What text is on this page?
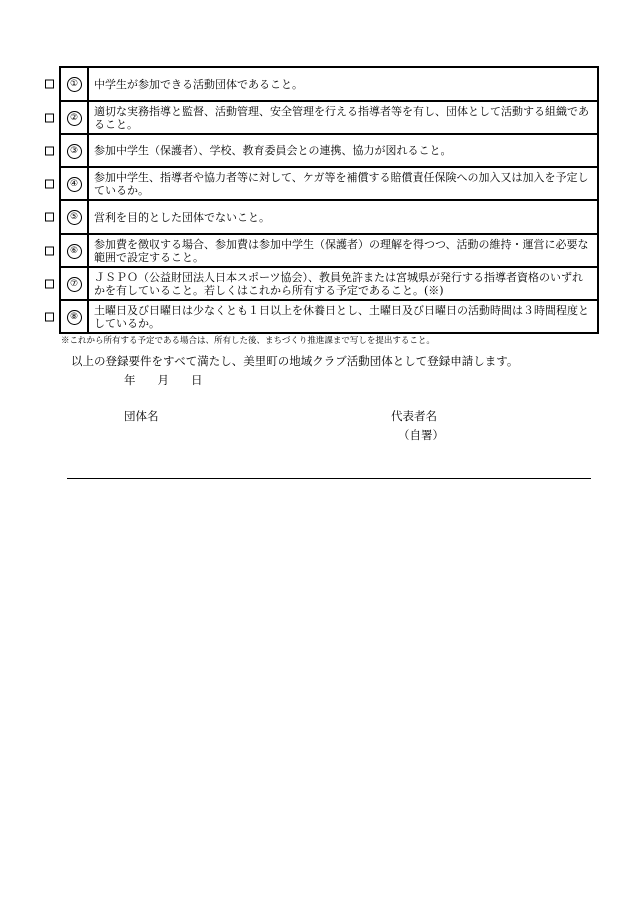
	①	中学生が参加できる活動団体であること。

	②	適切な実務指導と監督、活動管理、安全管理を行える指導者等を有し、団体として活動する組織であること。

	③	参加中学生（保護者）、学校、教育委員会との連携、協力が図れること。

	④	参加中学生、指導者や協力者等に対して、ケガ等を補償する賠償責任保険への加入又は加入を予定しているか。

	⑤	営利を目的とした団体でないこと。

	⑥	参加費を徴収する場合、参加費は参加中学生（保護者）の理解を得つつ、活動の維持・運営に必要な範囲で設定すること。

	⑦	ＪＳＰＯ（公益財団法人日本スポーツ協会）、教員免許または宮城県が発行する指導者資格のいずれかを有していること。若しくはこれから所有する予定であること。(※)

	⑧	土曜日及び日曜日は少なくとも１日以上を休養日とし、土曜日及び日曜日の活動時間は３時間程度としているか。
※これから所有する予定である場合は、所有した後、まちづくり推進課まで写しを提出すること。
以上の登録要件をすべて満たし、美里町の地域クラブ活動団体として登録申請します。
年 月 日
団体名	代表者名
（自署）
